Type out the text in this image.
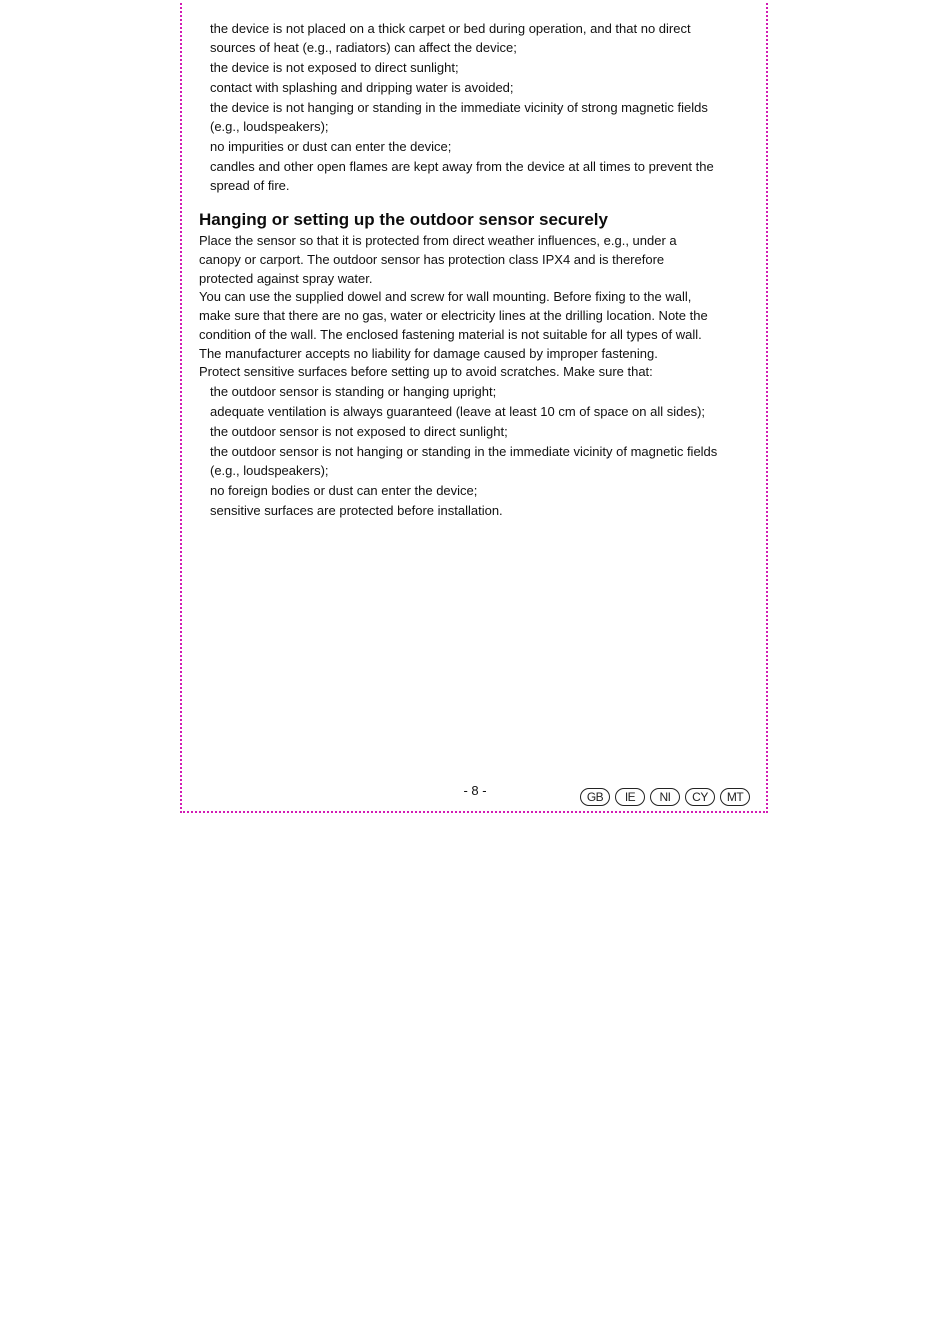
the device is not placed on a thick carpet or bed during operation, and that no direct
sources of heat (e.g., radiators) can affect the device;
the device is not exposed to direct sunlight;
contact with splashing and dripping water is avoided;
the device is not hanging or standing in the immediate vicinity of strong magnetic fields
(e.g., loudspeakers);
no impurities or dust can enter the device;
candles and other open flames are kept away from the device at all times to prevent the
spread of fire.
Hanging or setting up the outdoor sensor securely
Place the sensor so that it is protected from direct weather influences, e.g., under a
canopy or carport. The outdoor sensor has protection class IPX4 and is therefore
protected against spray water.
You can use the supplied dowel and screw for wall mounting. Before fixing to the wall,
make sure that there are no gas, water or electricity lines at the drilling location. Note the
condition of the wall. The enclosed fastening material is not suitable for all types of wall.
The manufacturer accepts no liability for damage caused by improper fastening.
Protect sensitive surfaces before setting up to avoid scratches. Make sure that:
the outdoor sensor is standing or hanging upright;
adequate ventilation is always guaranteed (leave at least 10 cm of space on all sides);
the outdoor sensor is not exposed to direct sunlight;
the outdoor sensor is not hanging or standing in the immediate vicinity of magnetic fields
(e.g., loudspeakers);
no foreign bodies or dust can enter the device;
sensitive surfaces are protected before installation.
- 8 -	GB	IE	NI	CY	MT
